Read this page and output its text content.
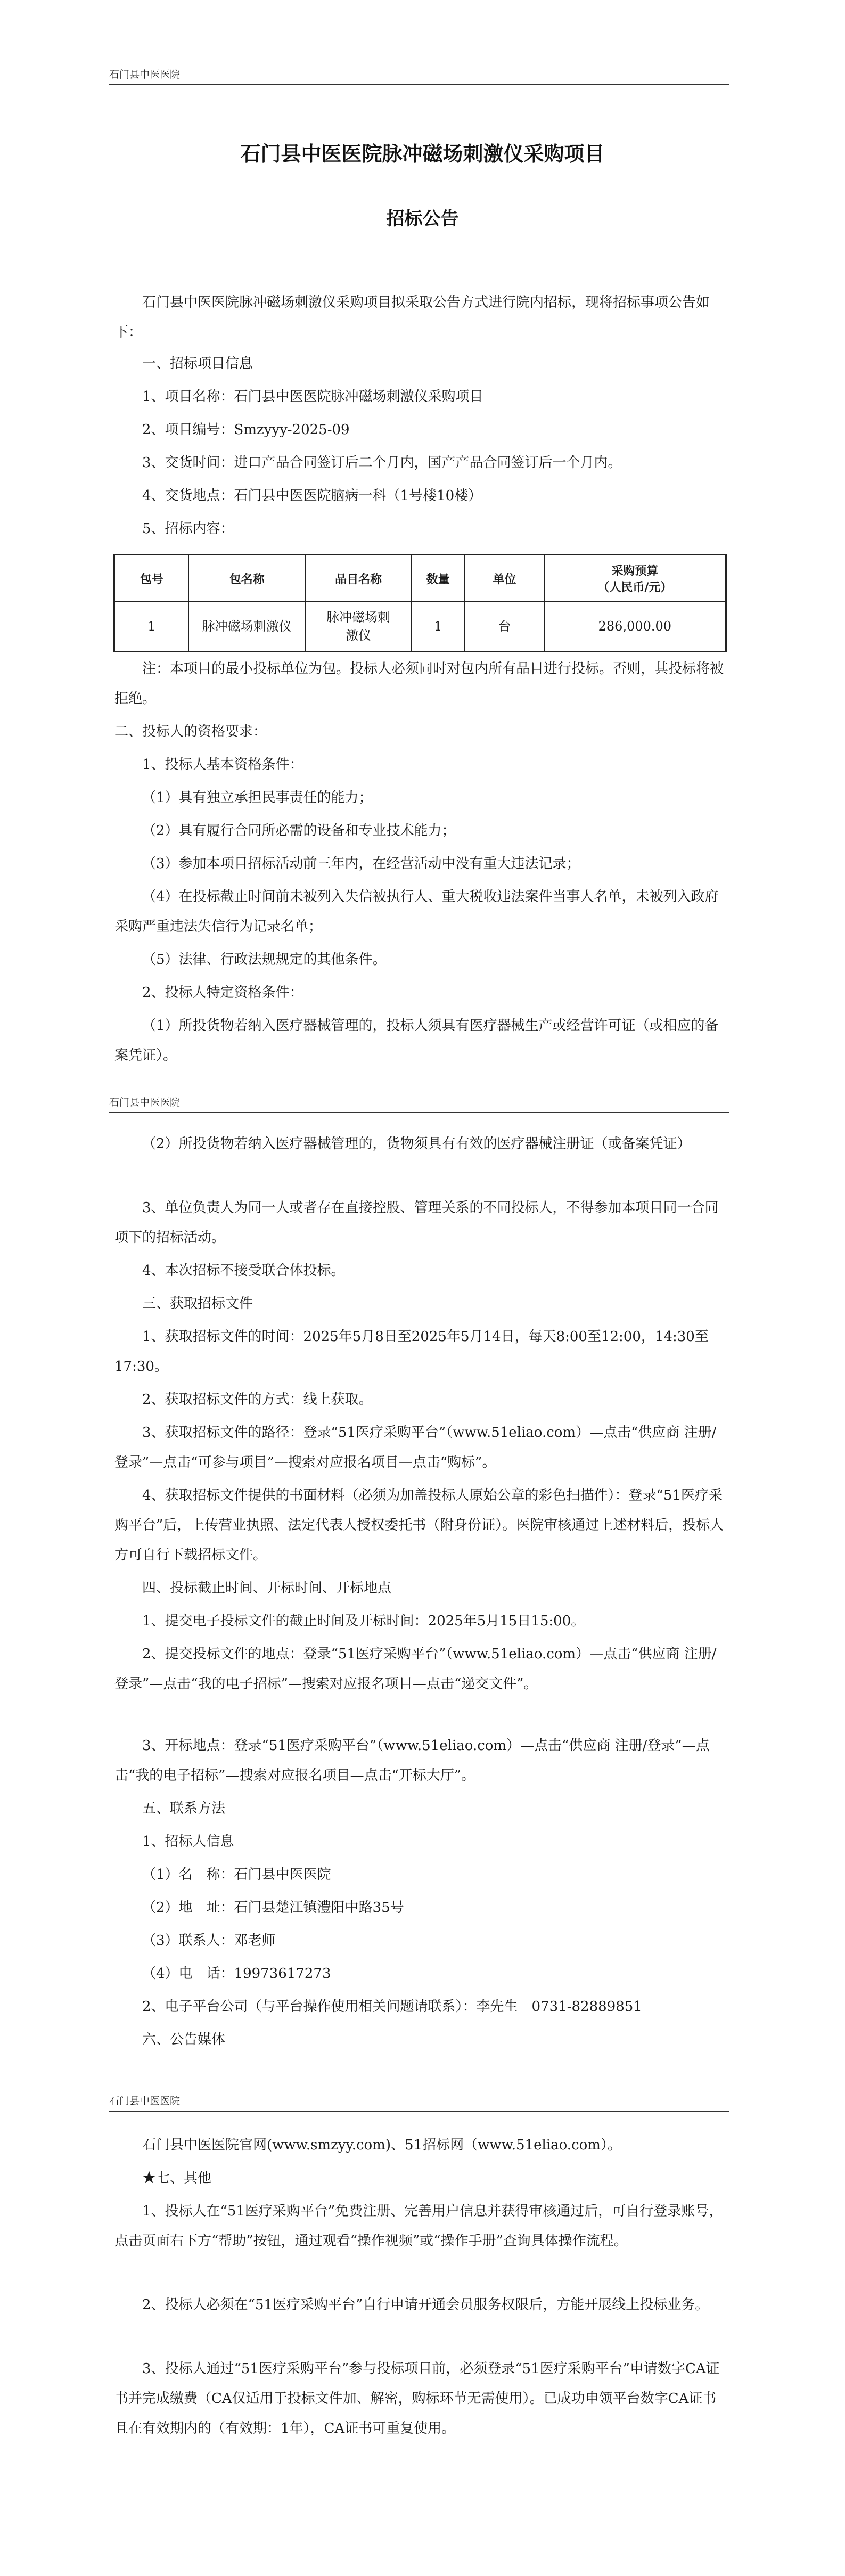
石门县中医医院
石门县中医医院
石门县中医医院
石门县中医医院脉冲磁场刺激仪采购项目
招标公告

石门县中医医院脉冲磁场刺激仪采购项目拟采取公告方式进行院内招标，现将招标事项公告如下：

一、招标项目信息

1、项目名称：石门县中医医院脉冲磁场刺激仪采购项目

2、项目编号：Smzyyy-2025-09

3、交货时间：进口产品合同签订后二个月内，国产产品合同签订后一个月内。

4、交货地点：石门县中医医院脑病一科（1号楼10楼）

5、招标内容：

包号	包名称	品目名称	数量	单位	采购预算
（人民币/元）

1	脉冲磁场刺激仪	脉冲磁场刺激仪	1	台	286,000.00

注：本项目的最小投标单位为包。投标人必须同时对包内所有品目进行投标。否则，其投标将被拒绝。

二、投标人的资格要求：

1、投标人基本资格条件：

（1）具有独立承担民事责任的能力；

（2）具有履行合同所必需的设备和专业技术能力；

（3）参加本项目招标活动前三年内，在经营活动中没有重大违法记录；

（4）在投标截止时间前未被列入失信被执行人、重大税收违法案件当事人名单，未被列入政府采购严重违法失信行为记录名单；

（5）法律、行政法规规定的其他条件。

2、投标人特定资格条件：

（1）所投货物若纳入医疗器械管理的，投标人须具有医疗器械生产或经营许可证（或相应的备案凭证）。

（2）所投货物若纳入医疗器械管理的，货物须具有有效的医疗器械注册证（或备案凭证）

3、单位负责人为同一人或者存在直接控股、管理关系的不同投标人，不得参加本项目同一合同项下的招标活动。

4、本次招标不接受联合体投标。

三、获取招标文件

1、获取招标文件的时间：2025年5月8日至2025年5月14日，每天8:00至12:00，14:30至17:30。

2、获取招标文件的方式：线上获取。

3、获取招标文件的路径：登录“51医疗采购平台”（www.51eliao.com）—点击“供应商 注册/登录”—点击“可参与项目”—搜索对应报名项目—点击“购标”。

4、获取招标文件提供的书面材料（必须为加盖投标人原始公章的彩色扫描件）：登录“51医疗采购平台”后，上传营业执照、法定代表人授权委托书（附身份证）。医院审核通过上述材料后，投标人方可自行下载招标文件。

四、投标截止时间、开标时间、开标地点

1、提交电子投标文件的截止时间及开标时间：2025年5月15日15:00。

2、提交投标文件的地点：登录“51医疗采购平台”（www.51eliao.com）—点击“供应商 注册/登录”—点击“我的电子招标”—搜索对应报名项目—点击“递交文件”。

3、开标地点：登录“51医疗采购平台”（www.51eliao.com）—点击“供应商 注册/登录”—点击“我的电子招标”—搜索对应报名项目—点击“开标大厅”。

五、联系方法

1、招标人信息

（1）名　称：石门县中医医院

（2）地　址：石门县楚江镇澧阳中路35号

（3）联系人：邓老师

（4）电　话：19973617273

2、电子平台公司（与平台操作使用相关问题请联系）：李先生　0731-82889851

六、公告媒体

石门县中医医院官网(www.smzyy.com)、51招标网（www.51eliao.com）。

★七、其他

1、投标人在“51医疗采购平台”免费注册、完善用户信息并获得审核通过后，可自行登录账号，点击页面右下方“帮助”按钮，通过观看“操作视频”或“操作手册”查询具体操作流程。

2、投标人必须在“51医疗采购平台”自行申请开通会员服务权限后，方能开展线上投标业务。

3、投标人通过“51医疗采购平台”参与投标项目前，必须登录“51医疗采购平台”申请数字CA证书并完成缴费（CA仅适用于投标文件加、解密，购标环节无需使用）。已成功申领平台数字CA证书且在有效期内的（有效期：1年），CA证书可重复使用。
